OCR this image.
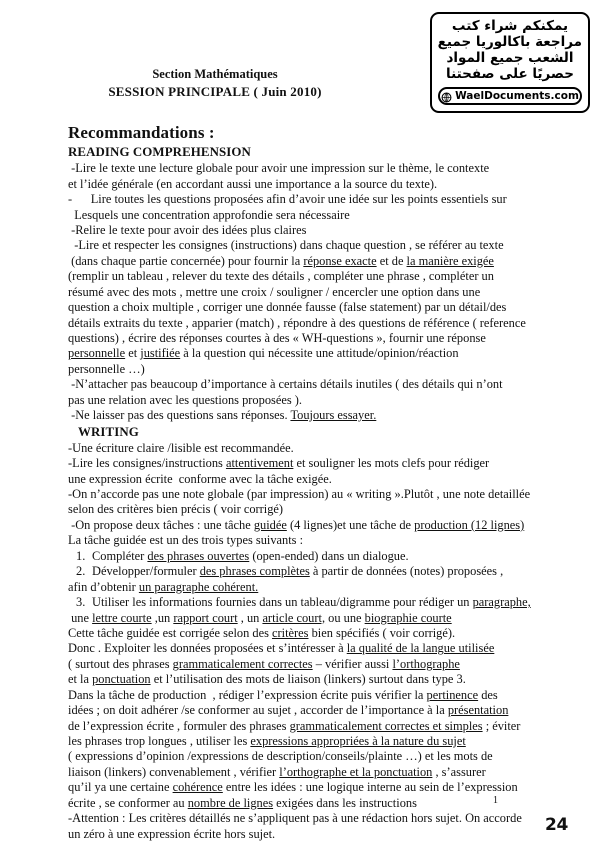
يمكنكم شراء كتب
مراجعة باكالوريا جميع
الشعب جميع المواد
حصريًا على صفحتنا
WaelDocuments.com
Section Mathématiques
SESSION PRINCIPALE ( Juin 2010)
Recommandations :
READING COMPREHENSION

-Lire le texte une lecture globale pour avoir une impression sur le thème, le contexte

et l’idée générale (en accordant aussi une importance a la source du texte).

-      Lire toutes les questions proposées afin d’avoir une idée sur les points essentiels sur

Lesquels une concentration approfondie sera nécessaire

-Relire le texte pour avoir des idées plus claires

-Lire et respecter les consignes (instructions) dans chaque question , se référer au texte

(dans chaque partie concernée) pour fournir la réponse exacte et de la manière exigée

(remplir un tableau , relever du texte des détails , compléter une phrase , compléter un

résumé avec des mots , mettre une croix / souligner / encercler une option dans une

question a choix multiple , corriger une donnée fausse (false statement) par un détail/des

détails extraits du texte , apparier (match) , répondre à des questions de référence ( reference

questions) , écrire des réponses courtes à des « WH-questions », fournir une réponse

personnelle et justifiée à la question qui nécessite une attitude/opinion/réaction

personnelle …)

-N’attacher pas beaucoup d’importance à certains détails inutiles ( des détails qui n’ont

pas une relation avec les questions proposées ).

-Ne laisser pas des questions sans réponses. Toujours essayer.

WRITING

-Une écriture claire /lisible est recommandée.

-Lire les consignes/instructions attentivement et souligner les mots clefs pour rédiger

une expression écrite  conforme avec la tâche exigée.

-On n’accorde pas une note globale (par impression) au « writing ».Plutôt , une note detaillée

selon des critères bien précis ( voir corrigé)

-On propose deux tâches : une tâche guidée (4 lignes)et une tâche de production (12 lignes)

La tâche guidée est un des trois types suivants :

1. Compléter des phrases ouvertes (open-ended) dans un dialogue.
2. Développer/formuler des phrases complètes à partir de données (notes) proposées ,

afin d’obtenir un paragraphe cohérent.

3. Utiliser les informations fournies dans un tableau/digramme pour rédiger un paragraphe,

une lettre courte ,un rapport court , un article court, ou une biographie courte

Cette tâche guidée est corrigée selon des critères bien spécifiés ( voir corrigé).

Donc . Exploiter les données proposées et s’intéresser à la qualité de la langue utilisée

( surtout des phrases grammaticalement correctes – vérifier aussi l’orthographe

et la ponctuation et l’utilisation des mots de liaison (linkers) surtout dans type 3.

Dans la tâche de production  , rédiger l’expression écrite puis vérifier la pertinence des

idées ; on doit adhérer /se conformer au sujet , accorder de l’importance à la présentation

de l’expression écrite , formuler des phrases grammaticalement correctes et simples ; éviter

les phrases trop longues , utiliser les expressions appropriées à la nature du sujet

( expressions d’opinion /expressions de description/conseils/plainte …) et les mots de

liaison (linkers) convenablement , vérifier l’orthographe et la ponctuation , s’assurer

qu’il ya une certaine cohérence entre les idées : une logique interne au sein de l’expression

écrite , se conformer au nombre de lignes exigées dans les instructions

-Attention : Les critères détaillés ne s’appliquent pas à une rédaction hors sujet. On accorde

un zéro à une expression écrite hors sujet.

1
24
